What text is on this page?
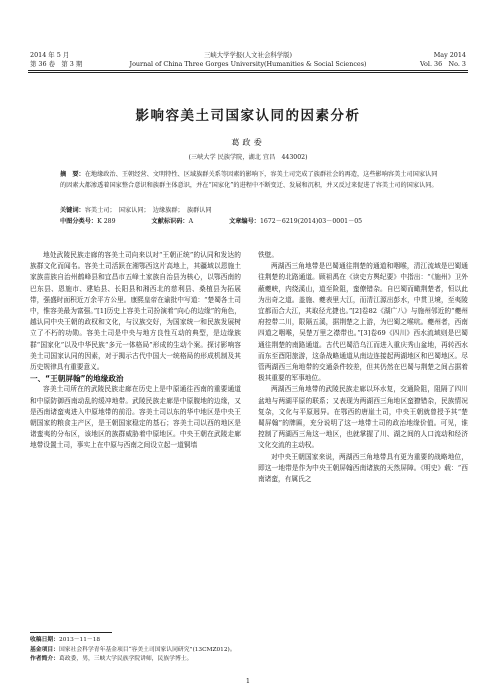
2014 年 5 月	三峡大学学报(人文社会科学版)	May 2014
第 36 卷　第 3 期	Journal of China Three Gorges University(Humanities & Social Sciences)	Vol. 36　No. 3
影响容美土司国家认同的因素分析
葛政委
(三峡大学 民族学院，湖北 宜昌　443002)
摘　要：在地缘政治、王朝经营、文明特性、区域族群关系等因素的影响下，容美土司完成了族群社会的再造，这些影响容美土司国家认同的因素大都渗透着国家整合意识和族群主体意识，并在“国家化”的进程中不断变迁、发展和沉积，并又反过来促进了容美土司的国家认同。
关键词：容美土司；　国家认同；　边缘族群；　族群认同
中图分类号：K 289	文献标识码：A	文章编号：1672－6219(2014)03－0001－05

地处武陵民族走廊的容美土司向来以对“王朝正统”的认同和发达的族群文化而闻名。容美土司活跃在湘鄂西这片高地上，其疆域以恩施土家族苗族自治州鹤峰县和宜昌市五峰土家族自治县为核心，以鄂西南的巴东县、恩施市、建始县、长阳县和湘西北的慈利县、桑植县为拓展带，强盛时面积近万余平方公里。康熙皇帝在谕批中写道：“楚蜀各土司中，惟容美最为富强。”[1]历史上容美土司扮演着“向心的边缘”的角色，越认同中央王朝的政权和文化，与汉族交好，为国家统一和民族发展树立了不朽的功勋。容美土司是中央与地方良性互动的典型，是边缘族群“国家化”以及中华民族“多元一体格局”形成的生动个案。探讨影响容美土司国家认同的因素，对于揭示古代中国大一统格局的形成机制及其历史规律具有重要意义。

一、“王朝屏翰”的地缘政治

容美土司所在的武陵民族走廊在历史上是中原通往西南的重要通道和中原防御西南动乱的缓冲地带。武陵民族走廊是中原腹地的边缘，又是西南诸蛮夷进入中原地带的前沿。容美土司以东的华中地区是中央王朝国家的粮食主产区，是王朝国家稳定的基石；容美土司以西的地区是诸蛮夷的分布区，该地区的族群威胁着中原地区。中央王朝在武陵走廊地带设置土司，事实上在中原与西南之间设立起一道铜墙

铁壁。

两湖西三角地带是巴蜀通往荆楚的通道和咽喉，清江流域是巴蜀通往荆楚的北路通道。顾祖禹在《读史方舆纪要》中指出：“《施州》卫外蔽夔峡，内绕溪山，道至险阻，蛮僚错杂。自巴蜀而瞰荆楚者，恒以此为出奇之道。盖施、夔表里大江，而清江源出彭水，中贯卫境，至夷陵宜都而合大江，其取径尤捷也。”[2]卷82《湖广八》与施州邻近的“夔州府控带二川，限隔五溪，据荆楚之上游，为巴蜀之喉吭。夔州者，西南四道之咽喉，吴楚万里之襟带也。”[3]卷69《四川》西水流域则是巴蜀通往荆楚的南路通道。古代巴蜀沿乌江而进入重庆秀山盆地，再转西水而东至酉阳旅游，这条战略通道从南边连接起两湖地区和巴蜀地区。尽管两湖西三角地带的交通条件较差，但其仍然在巴蜀与荆楚之间占据着极其重要的军事地位。

两湖西三角地带的武陵民族走廊以环水复，交通险阻，阻隔了四川盆地与两湖平原的联系；又表现为两湖西三角地区蛮獠错杂，民族情况复杂，文化与平原迥异。在鄂西的唐崖土司，中央王朝就曾授予其“楚蜀屏翰”的牌匾，充分说明了这一地带土司的政治地缘价值。可见，谁控制了两湖西三角这一地区，也就掌握了川、湖之间的人口流动和经济文化交流的主动权。

对中央王朝国家来说，两湖西三角地带具有更为重要的战略地位，即这一地带是作为中央王朝屏翰西南诸族的天然屏障。《明史》载：“西南诸蛮，有属氏之

收稿日期：2013－11－18
基金项目：国家社会科学青年基金项目“容美土司国家认同研究”(13CMZ012)。
作者简介：葛政委，男，三峡大学民族学院讲师，民族学博士。
1
